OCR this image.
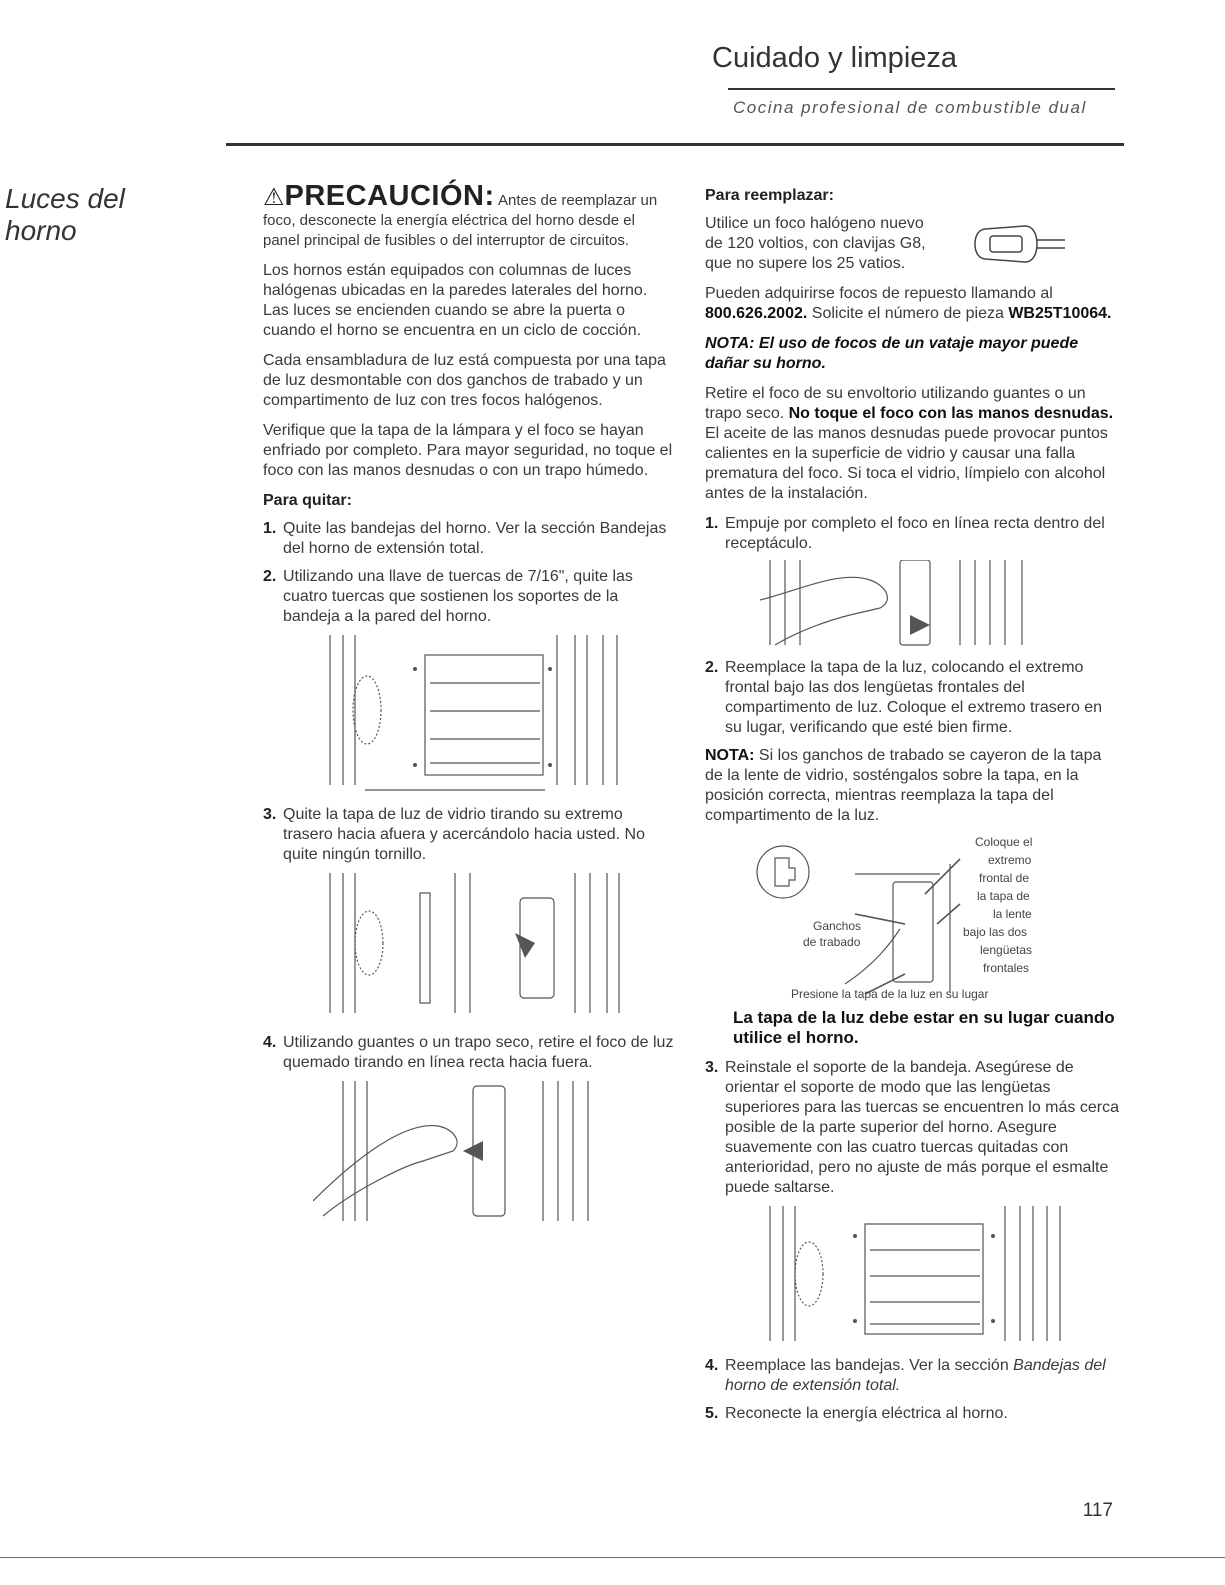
Cuidado y limpieza
Cocina profesional de combustible dual
Luces del
horno

⚠PRECAUCIÓN: Antes de reemplazar un foco, desconecte la energía eléctrica del horno desde el panel principal de fusibles o del interruptor de circuitos.

Los hornos están equipados con columnas de luces halógenas ubicadas en la paredes laterales del horno. Las luces se encienden cuando se abre la puerta o cuando el horno se encuentra en un ciclo de cocción.

Cada ensambladura de luz está compuesta por una tapa de luz desmontable con dos ganchos de trabado y un compartimento de luz con tres focos halógenos.

Verifique que la tapa de la lámpara y el foco se hayan enfriado por completo. Para mayor seguridad, no toque el foco con las manos desnudas o con un trapo húmedo.

Para quitar:
1. Quite las bandejas del horno. Ver la sección Bandejas del horno de extensión total.
2. Utilizando una llave de tuercas de 7/16", quite las cuatro tuercas que sostienen los soportes de la bandeja a la pared del horno.
3. Quite la tapa de luz de vidrio tirando su extremo trasero hacia afuera y acercándolo hacia usted. No quite ningún tornillo.
4. Utilizando guantes o un trapo seco, retire el foco de luz quemado tirando en línea recta hacia fuera.
Para reemplazar:

Utilice un foco halógeno nuevo de 120 voltios, con clavijas G8, que no supere los 25 vatios.

Pueden adquirirse focos de repuesto llamando al 800.626.2002. Solicite el número de pieza WB25T10064.

NOTA: El uso de focos de un vataje mayor puede dañar su horno.

Retire el foco de su envoltorio utilizando guantes o un trapo seco. No toque el foco con las manos desnudas. El aceite de las manos desnudas puede provocar puntos calientes en la superficie de vidrio y causar una falla prematura del foco. Si toca el vidrio, límpielo con alcohol antes de la instalación.

1. Empuje por completo el foco en línea recta dentro del receptáculo.
2. Reemplace la tapa de la luz, colocando el extremo frontal bajo las dos lengüetas frontales del compartimento de luz. Coloque el extremo trasero en su lugar, verificando que esté bien firme.

NOTA: Si los ganchos de trabado se cayeron de la tapa de la lente de vidrio, sosténgalos sobre la tapa, en la posición correcta, mientras reemplaza la tapa del compartimento de la luz.

Ganchos
de trabado
Coloque el
extremo
frontal de
la tapa de
la lente
bajo las dos
lengüetas
frontales
Presione la tapa de la luz en su lugar

La tapa de la luz debe estar en su lugar cuando utilice el horno.

3. Reinstale el soporte de la bandeja. Asegúrese de orientar el soporte de modo que las lengüetas superiores para las tuercas se encuentren lo más cerca posible de la parte superior del horno. Asegure suavemente con las cuatro tuercas quitadas con anterioridad, pero no ajuste de más porque el esmalte puede saltarse.
4. Reemplace las bandejas. Ver la sección Bandejas del horno de extensión total.
5. Reconecte la energía eléctrica al horno.
117
